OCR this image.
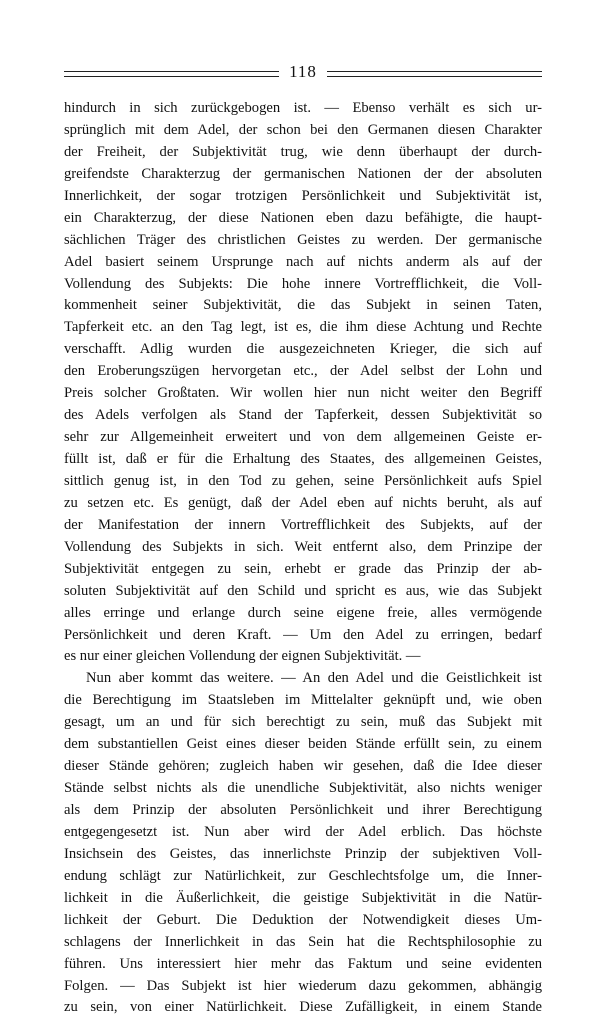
118
hindurch in sich zurückgebogen ist. — Ebenso verhält es sich ur-
sprünglich mit dem Adel, der schon bei den Germanen diesen Charakter
der Freiheit, der Subjektivität trug, wie denn überhaupt der durch-
greifendste Charakterzug der germanischen Nationen der der absoluten
Innerlichkeit, der sogar trotzigen Persönlichkeit und Subjektivität ist,
ein Charakterzug, der diese Nationen eben dazu befähigte, die haupt-
sächlichen Träger des christlichen Geistes zu werden. Der germanische
Adel basiert seinem Ursprunge nach auf nichts anderm als auf der
Vollendung des Subjekts: Die hohe innere Vortrefflichkeit, die Voll-
kommenheit seiner Subjektivität, die das Subjekt in seinen Taten,
Tapferkeit etc. an den Tag legt, ist es, die ihm diese Achtung und Rechte
verschafft. Adlig wurden die ausgezeichneten Krieger, die sich auf
den Eroberungszügen hervorgetan etc., der Adel selbst der Lohn und
Preis solcher Großtaten. Wir wollen hier nun nicht weiter den Begriff
des Adels verfolgen als Stand der Tapferkeit, dessen Subjektivität so
sehr zur Allgemeinheit erweitert und von dem allgemeinen Geiste er-
füllt ist, daß er für die Erhaltung des Staates, des allgemeinen Geistes,
sittlich genug ist, in den Tod zu gehen, seine Persönlichkeit aufs Spiel
zu setzen etc. Es genügt, daß der Adel eben auf nichts beruht, als auf
der Manifestation der innern Vortrefflichkeit des Subjekts, auf der
Vollendung des Subjekts in sich. Weit entfernt also, dem Prinzipe der
Subjektivität entgegen zu sein, erhebt er grade das Prinzip der ab-
soluten Subjektivität auf den Schild und spricht es aus, wie das Subjekt
alles erringe und erlange durch seine eigene freie, alles vermögende
Persönlichkeit und deren Kraft. — Um den Adel zu erringen, bedarf
es nur einer gleichen Vollendung der eignen Subjektivität. —
Nun aber kommt das weitere. — An den Adel und die Geistlichkeit ist
die Berechtigung im Staatsleben im Mittelalter geknüpft und, wie oben
gesagt, um an und für sich berechtigt zu sein, muß das Subjekt mit
dem substantiellen Geist eines dieser beiden Stände erfüllt sein, zu einem
dieser Stände gehören; zugleich haben wir gesehen, daß die Idee dieser
Stände selbst nichts als die unendliche Subjektivität, also nichts weniger
als dem Prinzip der absoluten Persönlichkeit und ihrer Berechtigung
entgegengesetzt ist. Nun aber wird der Adel erblich. Das höchste
Insichsein des Geistes, das innerlichste Prinzip der subjektiven Voll-
endung schlägt zur Natürlichkeit, zur Geschlechtsfolge um, die Inner-
lichkeit in die Äußerlichkeit, die geistige Subjektivität in die Natür-
lichkeit der Geburt. Die Deduktion der Notwendigkeit dieses Um-
schlagens der Innerlichkeit in das Sein hat die Rechtsphilosophie zu
führen. Uns interessiert hier mehr das Faktum und seine evidenten
Folgen. — Das Subjekt ist hier wiederum dazu gekommen, abhängig
zu sein, von einer Natürlichkeit. Diese Zufälligkeit, in einem Stande
